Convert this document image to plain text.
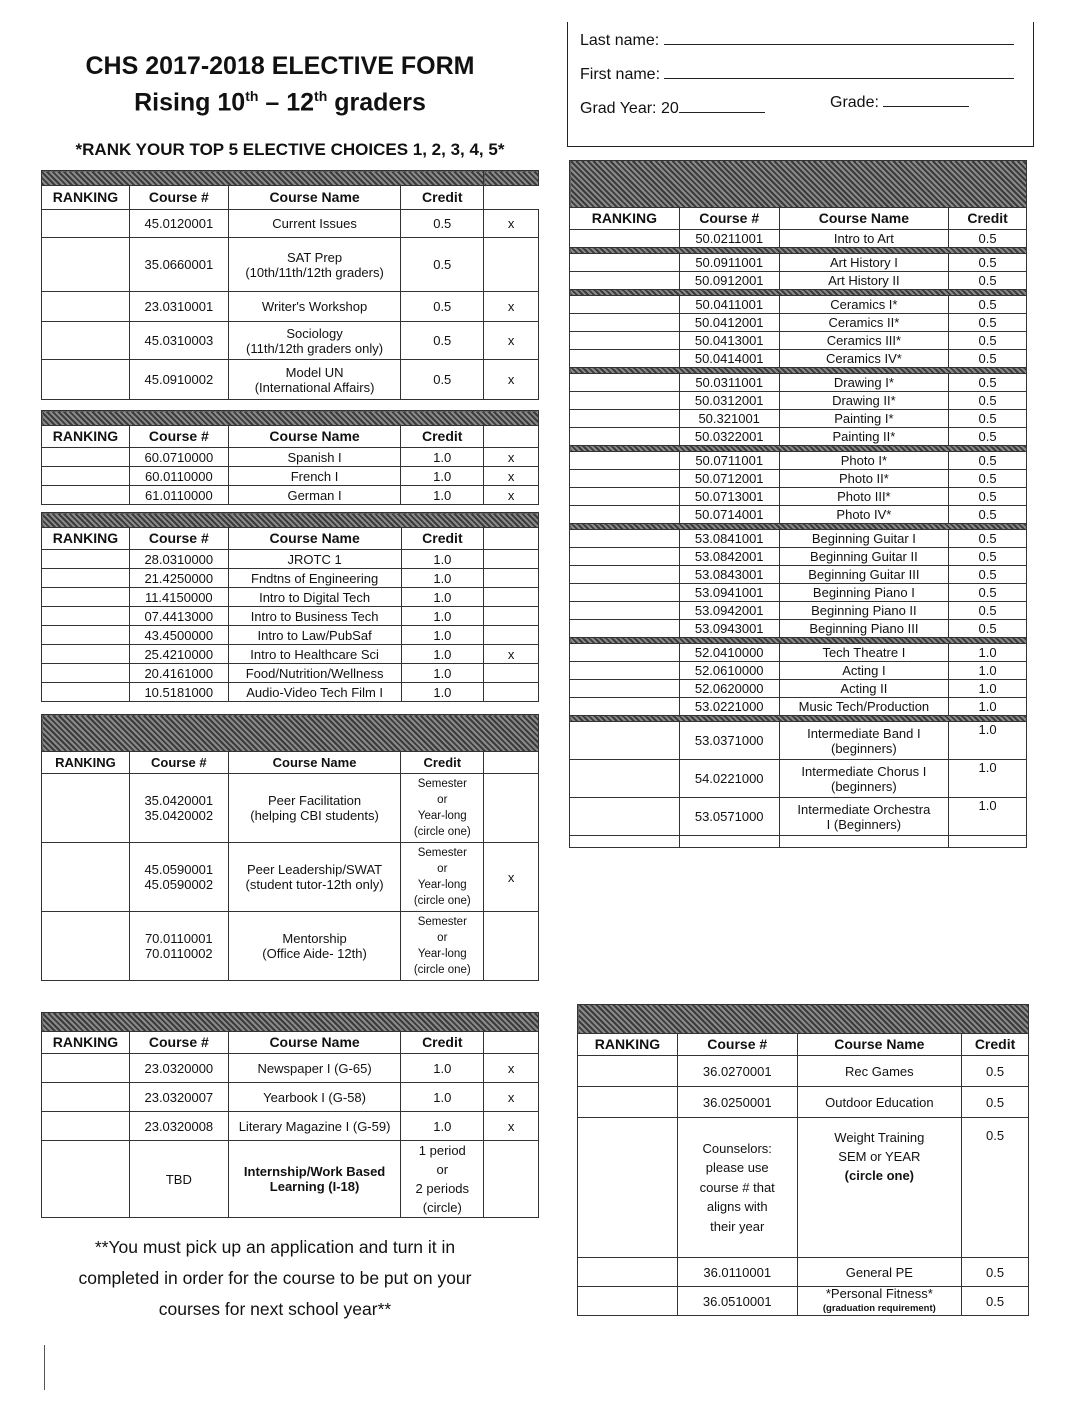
CHS 2017-2018 ELECTIVE FORM
Rising 10th – 12th graders
*RANK YOUR TOP 5 ELECTIVE CHOICES 1, 2, 3, 4, 5*
Last name:
First name:
Grad Year: 20	Grade:

RANKING	Course #	Course Name	Credit	
	45.0120001	Current Issues	0.5	x
	35.0660001	SAT Prep
(10th/11th/12th graders)	0.5	
	23.0310001	Writer's Workshop	0.5	x
	45.0310003	Sociology
(11th/12th graders only)	0.5	x
	45.0910002	Model UN
(International Affairs)	0.5	x

RANKING	Course #	Course Name	Credit	
	60.0710000	Spanish I	1.0	x
	60.0110000	French I	1.0	x
	61.0110000	German I	1.0	x

RANKING	Course #	Course Name	Credit	
	28.0310000	JROTC 1	1.0	
	21.4250000	Fndtns of Engineering	1.0	
	11.4150000	Intro to Digital Tech	1.0	
	07.4413000	Intro to Business Tech	1.0	
	43.4500000	Intro to Law/PubSaf	1.0	
	25.4210000	Intro to Healthcare Sci	1.0	x
	20.4161000	Food/Nutrition/Wellness	1.0	
	10.5181000	Audio-Video Tech Film I	1.0	

RANKING	Course #	Course Name	Credit	
	35.0420001
35.0420002	Peer Facilitation
(helping CBI students)	Semester
or
Year-long
(circle one)	
	45.0590001
45.0590002	Peer Leadership/SWAT
(student tutor-12th only)	Semester
or
Year-long
(circle one)	x
	70.0110001
70.0110002	Mentorship
(Office Aide- 12th)	Semester
or
Year-long
(circle one)	

RANKING	Course #	Course Name	Credit	
	23.0320000	Newspaper I (G-65)	1.0	x
	23.0320007	Yearbook I (G-58)	1.0	x
	23.0320008	Literary Magazine I (G-59)	1.0	x
	TBD	Internship/Work Based
Learning (I-18)	1 period
or
2 periods
(circle)	
**You must pick up an application and turn it in
completed in order for the course to be put on your
courses for next school year**

RANKING	Course #	Course Name	Credit
	50.0211001	Intro to Art	0.5

	50.0911001	Art History I	0.5
	50.0912001	Art History II	0.5

	50.0411001	Ceramics I*	0.5
	50.0412001	Ceramics II*	0.5
	50.0413001	Ceramics III*	0.5
	50.0414001	Ceramics IV*	0.5

	50.0311001	Drawing I*	0.5
	50.0312001	Drawing II*	0.5
	50.321001	Painting I*	0.5
	50.0322001	Painting II*	0.5

	50.0711001	Photo I*	0.5
	50.0712001	Photo II*	0.5
	50.0713001	Photo III*	0.5
	50.0714001	Photo IV*	0.5

	53.0841001	Beginning Guitar I	0.5
	53.0842001	Beginning Guitar II	0.5
	53.0843001	Beginning Guitar III	0.5
	53.0941001	Beginning Piano I	0.5
	53.0942001	Beginning Piano II	0.5
	53.0943001	Beginning Piano III	0.5

	52.0410000	Tech Theatre I	1.0
	52.0610000	Acting I	1.0
	52.0620000	Acting II	1.0
	53.0221000	Music Tech/Production	1.0

	53.0371000	Intermediate Band I
(beginners)	1.0
	54.0221000	Intermediate Chorus I
(beginners)	1.0
	53.0571000	Intermediate Orchestra
I (Beginners)	1.0

RANKING	Course #	Course Name	Credit
	36.0270001	Rec Games	0.5
	36.0250001	Outdoor Education	0.5
	Counselors:
please use
course # that
aligns with
their year	Weight Training
SEM or YEAR
(circle one)	0.5
	36.0110001	General PE	0.5
	36.0510001	*Personal Fitness*
(graduation requirement)	0.5
